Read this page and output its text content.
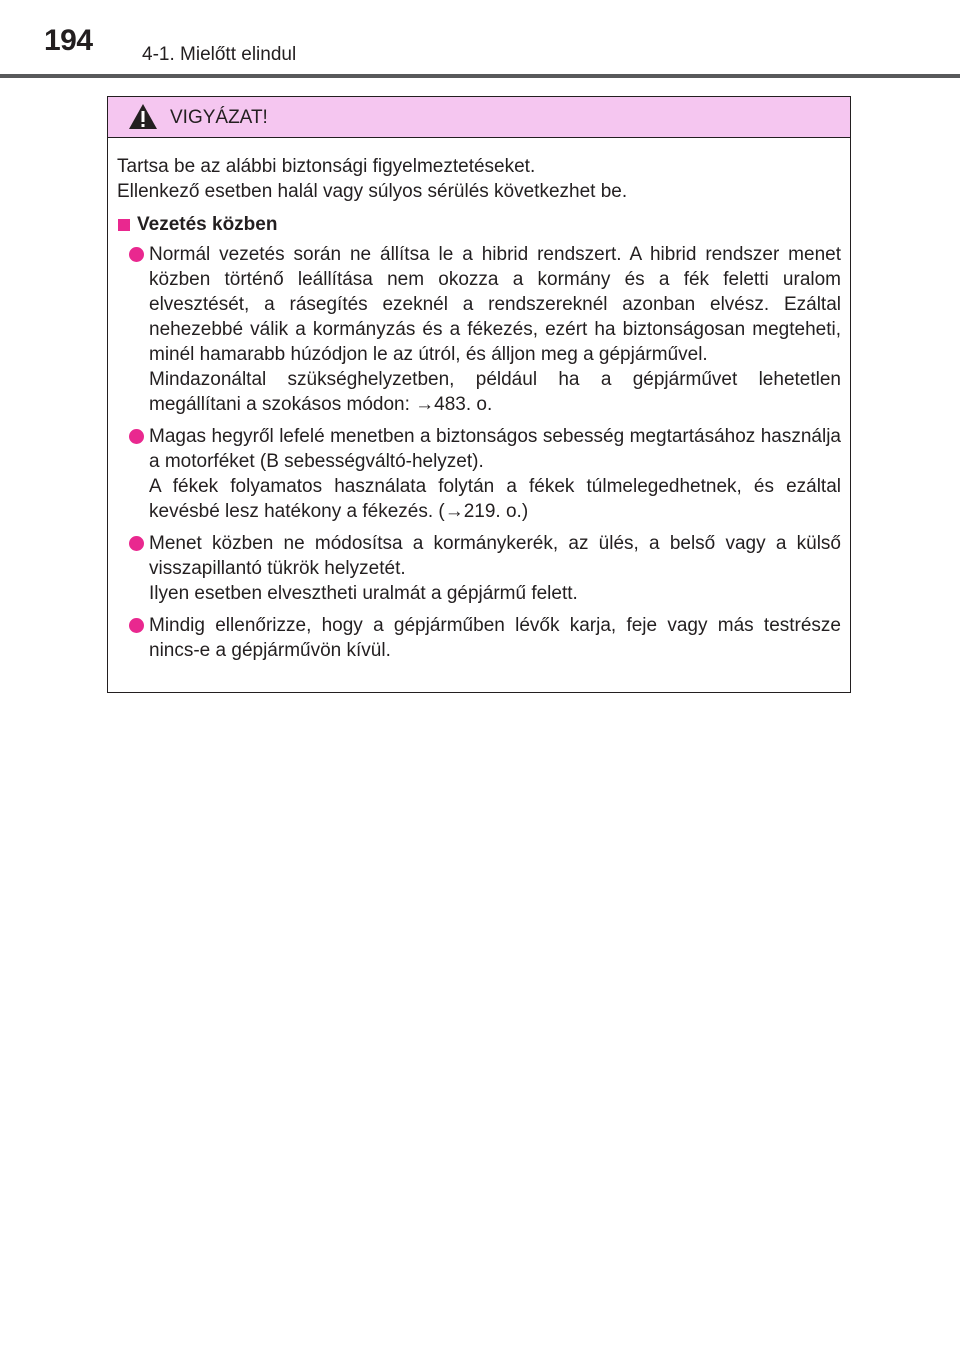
194	4-1. Mielőtt elindul
VIGYÁZAT!

Tartsa be az alábbi biztonsági figyelmeztetéseket.

Ellenkező esetben halál vagy súlyos sérülés következhet be.

Vezetés közben

Normál vezetés során ne állítsa le a hibrid rendszert. A hibrid rendszer menet közben történő leállítása nem okozza a kormány és a fék feletti uralom elvesztését, a rásegítés ezeknél a rendszereknél azonban elvész. Ezáltal nehezebbé válik a kormányzás és a fékezés, ezért ha biztonságosan megteheti, minél hamarabb húzódjon le az útról, és álljon meg a gépjárművel.

Mindazonáltal szükséghelyzetben, például ha a gépjárművet lehetetlen megállítani a szokásos módon: →483. o.

Magas hegyről lefelé menetben a biztonságos sebesség megtartásához használja a motorféket (B sebességváltó-helyzet).

A fékek folyamatos használata folytán a fékek túlmelegedhetnek, és ezáltal kevésbé lesz hatékony a fékezés. (→219. o.)

Menet közben ne módosítsa a kormánykerék, az ülés, a belső vagy a külső visszapillantó tükrök helyzetét.

Ilyen esetben elvesztheti uralmát a gépjármű felett.

Mindig ellenőrizze, hogy a gépjárműben lévők karja, feje vagy más testrésze nincs-e a gépjárművön kívül.
